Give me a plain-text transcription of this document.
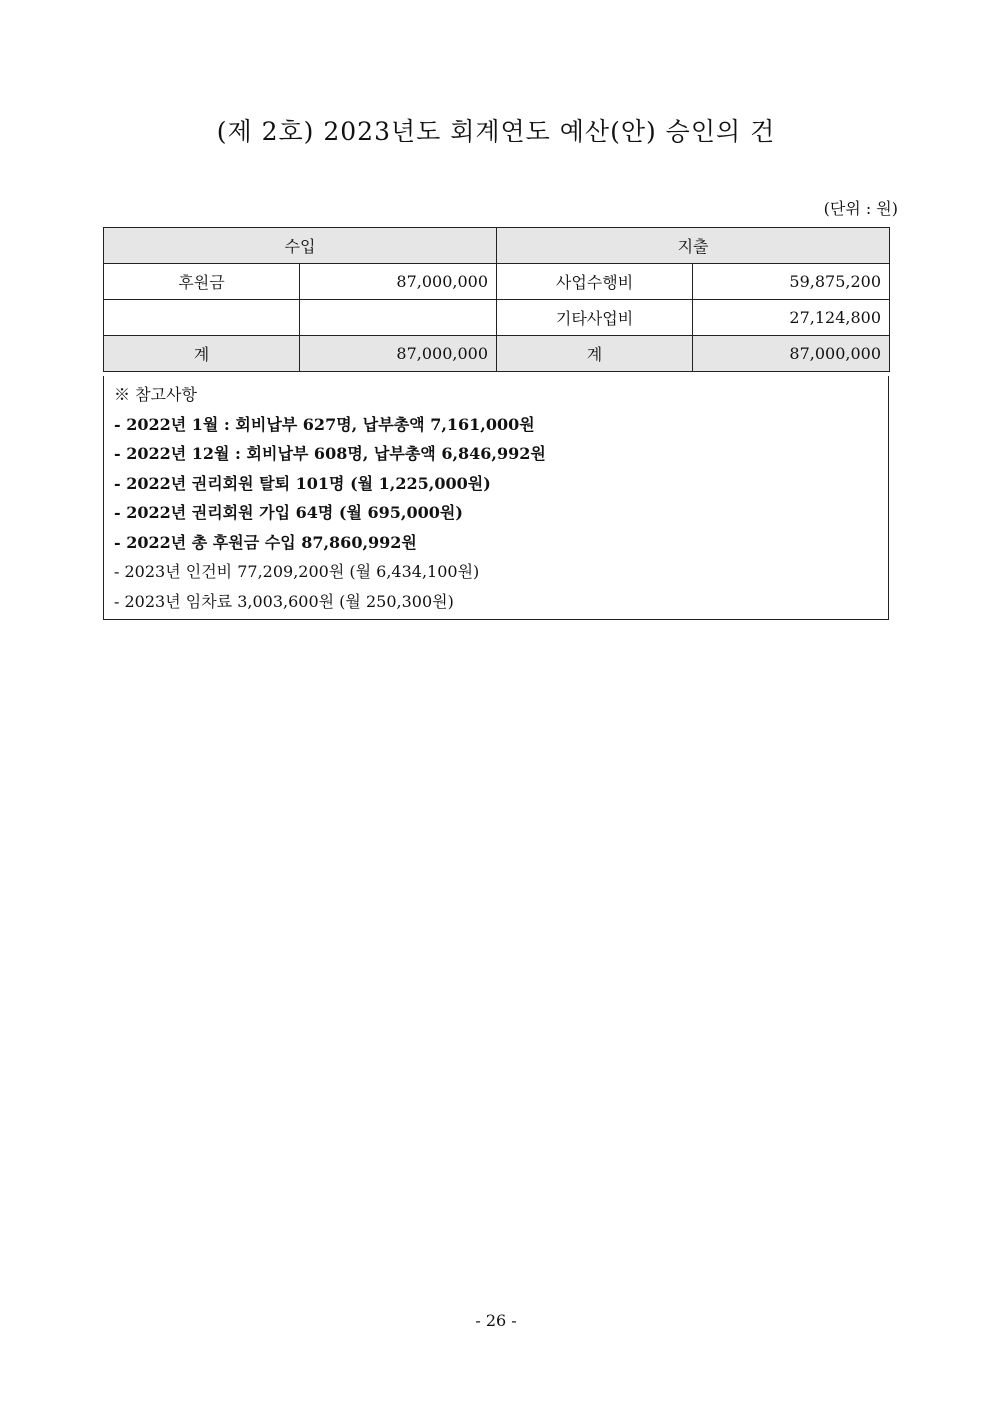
(제 2호) 2023년도 회계연도 예산(안) 승인의 건
(단위 : 원)
수입		지출	
후원금	87,000,000	사업수행비	59,875,200
		기타사업비	27,124,800
계	87,000,000	계	87,000,000
※ 참고사항
- 2022년 1월 : 회비납부 627명, 납부총액 7,161,000원
- 2022년 12월 : 회비납부 608명, 납부총액 6,846,992원
- 2022년 권리회원 탈퇴 101명 (월 1,225,000원)
- 2022년 권리회원 가입 64명 (월 695,000원)
- 2022년 총 후원금 수입 87,860,992원
- 2023년 인건비 77,209,200원 (월 6,434,100원)
- 2023년 임차료 3,003,600원 (월 250,300원)
- 26 -
